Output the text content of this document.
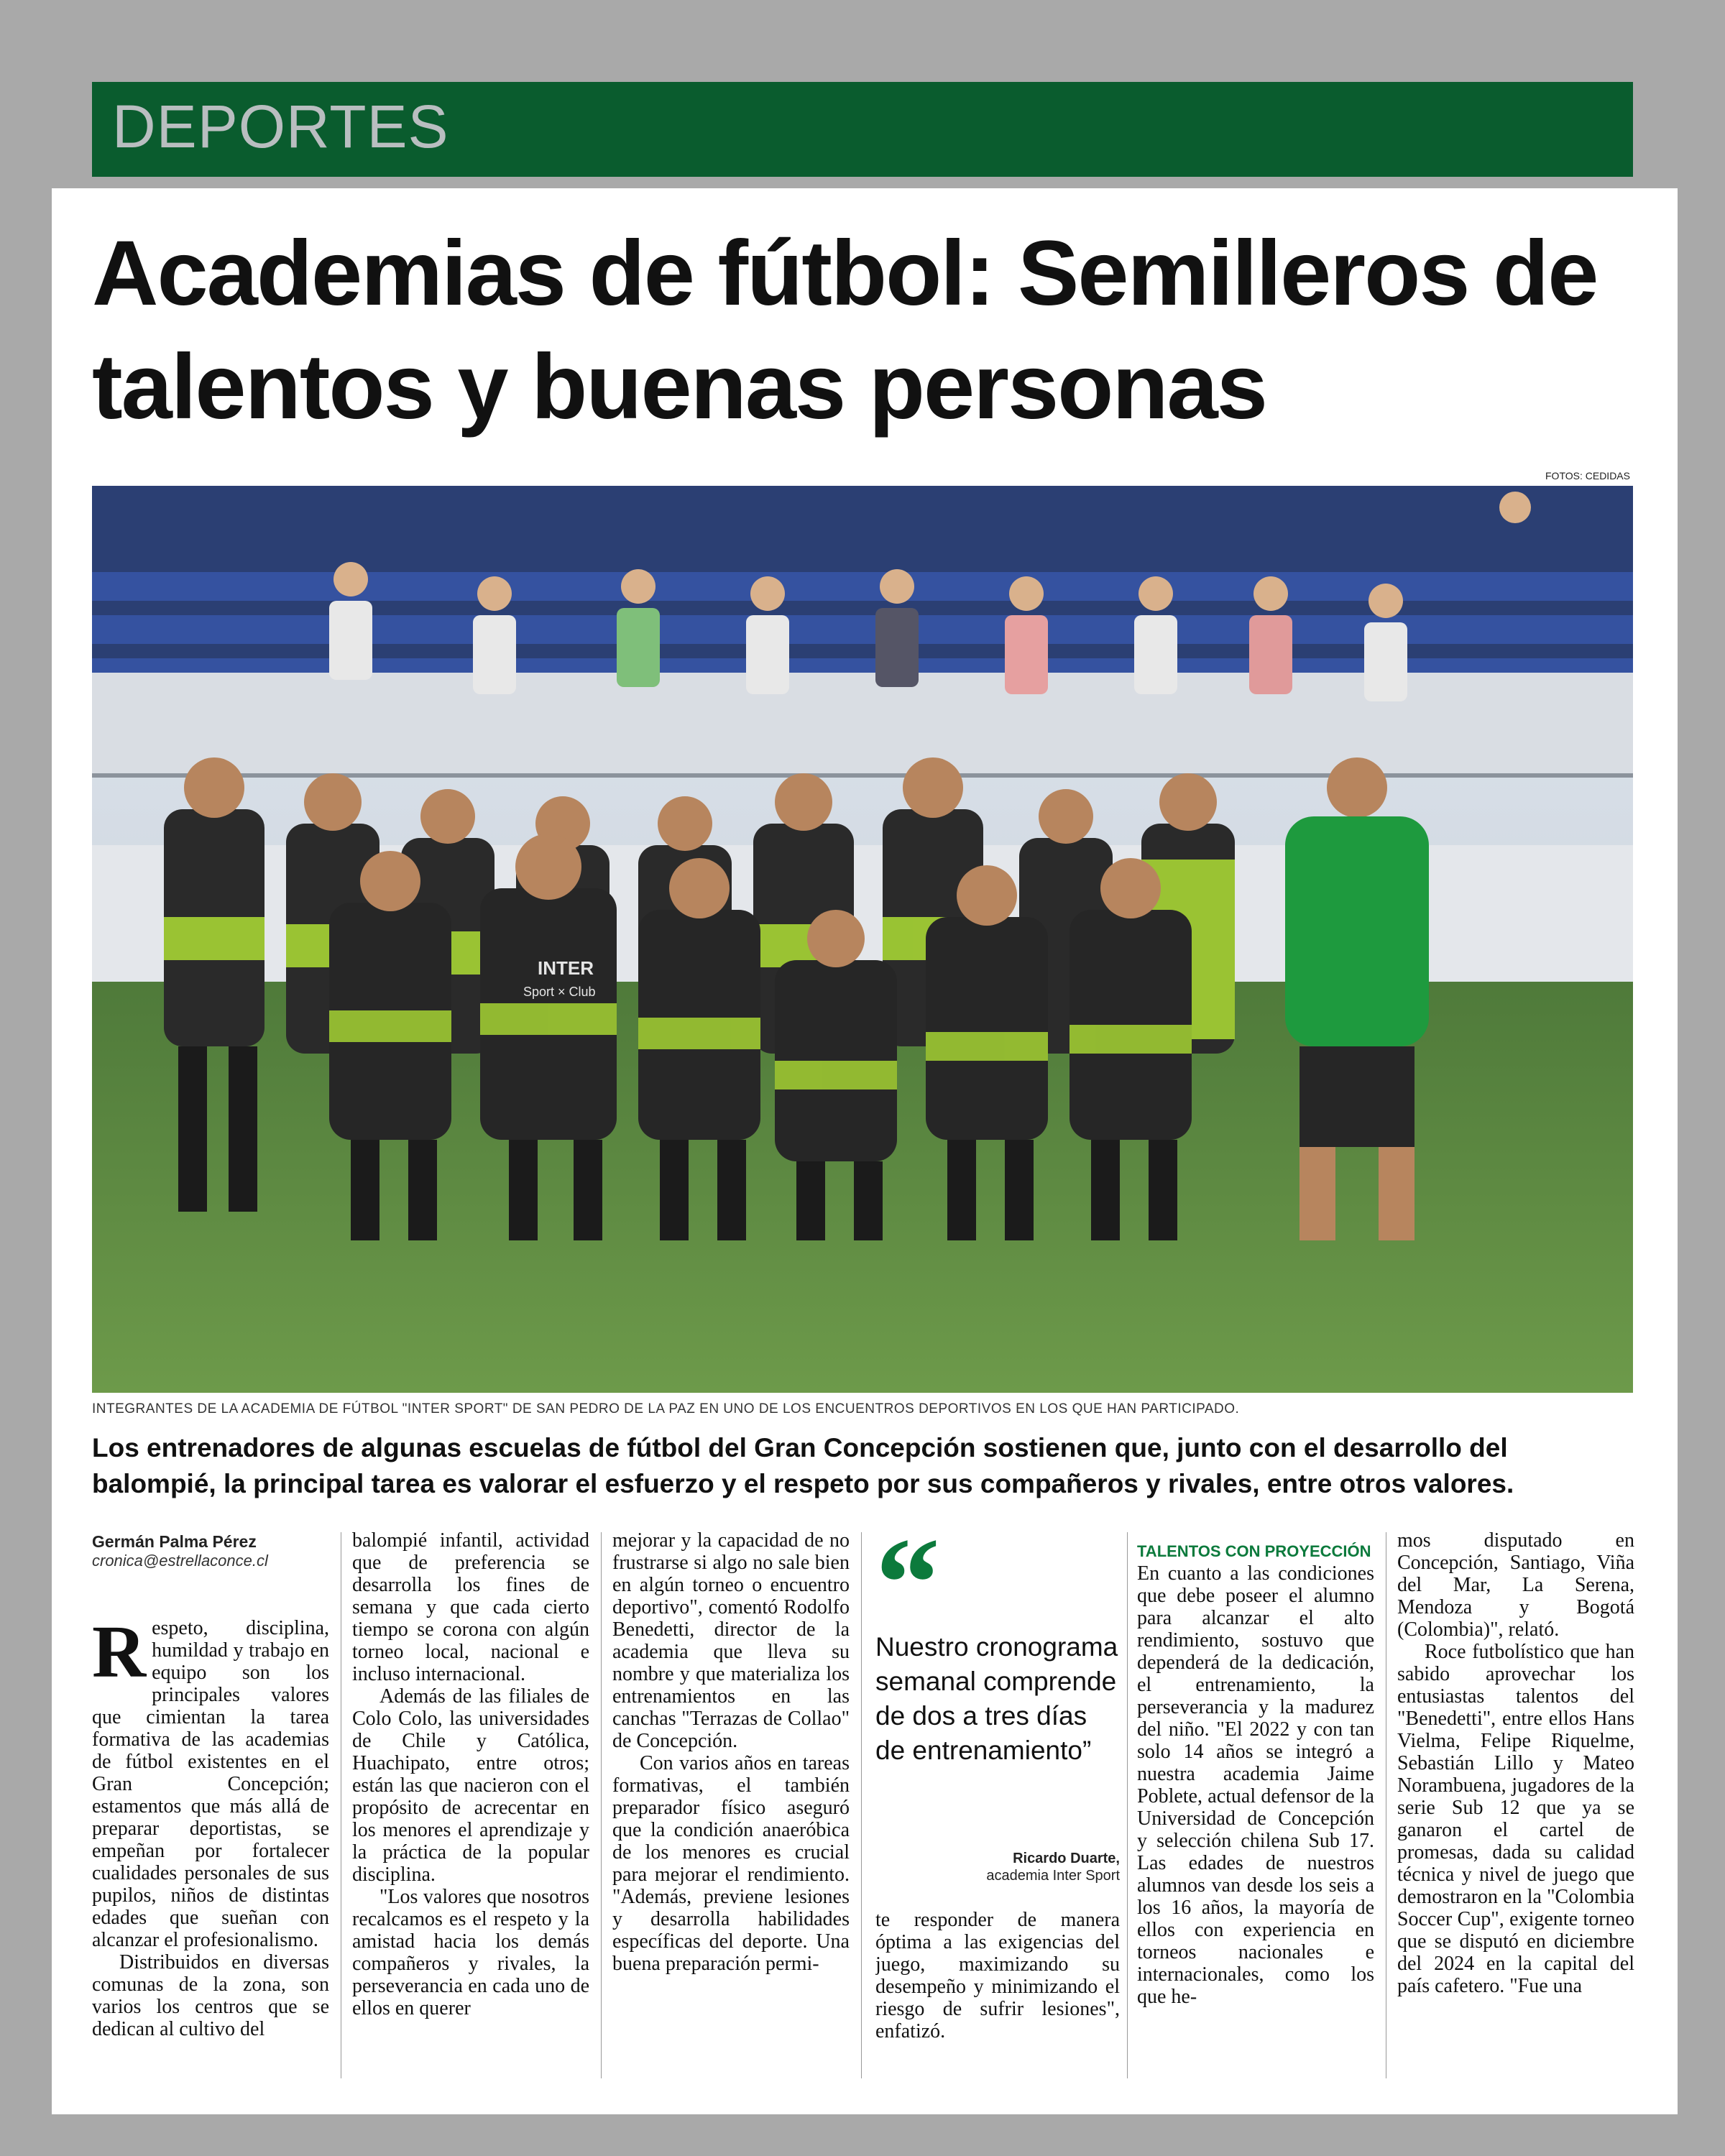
DEPORTES
Academias de fútbol: Semilleros de talentos y buenas personas
FOTOS: CEDIDAS
INTER
Sport × Club
INTEGRANTES DE LA ACADEMIA DE FÚTBOL "INTER SPORT" DE SAN PEDRO DE LA PAZ EN UNO DE LOS ENCUENTROS DEPORTIVOS EN LOS QUE HAN PARTICIPADO.
Los entrenadores de algunas escuelas de fútbol del Gran Concepción sostienen que, junto con el desarrollo del balompié, la principal tarea es valorar el esfuerzo y el respeto por sus compañeros y rivales, entre otros valores.
Germán Palma Pérez
cronica@estrellaconce.cl

Respeto, disciplina, humildad y trabajo en equipo son los principales valores que cimientan la tarea formativa de las academias de fútbol existentes en el Gran Concepción; estamentos que más allá de preparar deportistas, se empeñan por fortalecer cualidades personales de sus pupilos, niños de distintas edades que sueñan con alcanzar el profesionalismo.

Distribuidos en diversas comunas de la zona, son varios los centros que se dedican al cultivo del

balompié infantil, actividad que de preferencia se desarrolla los fines de semana y que cada cierto tiempo se corona con algún torneo local, nacional e incluso internacional.

Además de las filiales de Colo Colo, las universidades de Chile y Católica, Huachipato, entre otros; están las que nacieron con el propósito de acrecentar en los menores el aprendizaje y la práctica de la popular disciplina.

"Los valores que nosotros recalcamos es el respeto y la amistad hacia los demás compañeros y rivales, la perseverancia en cada uno de ellos en querer

mejorar y la capacidad de no frustrarse si algo no sale bien en algún torneo o encuentro deportivo", comentó Rodolfo Benedetti, director de la academia que lleva su nombre y que materializa los entrenamientos en las canchas "Terrazas de Collao" de Concepción.

Con varios años en tareas formativas, el también preparador físico aseguró que la condición anaeróbica de los menores es crucial para mejorar el rendimiento. "Además, previene lesiones y desarrolla habilidades específicas del deporte. Una buena preparación permi-

“
Nuestro cronograma semanal comprende de dos a tres días de entrenamiento”
Ricardo Duarte,
academia Inter Sport

te responder de manera óptima a las exigencias del juego, maximizando su desempeño y minimizando el riesgo de sufrir lesiones", enfatizó.

TALENTOS CON PROYECCIÓN

En cuanto a las condiciones que debe poseer el alumno para alcanzar el alto rendimiento, sostuvo que dependerá de la dedicación, el entrenamiento, la perseverancia y la madurez del niño. "El 2022 y con tan solo 14 años se integró a nuestra academia Jaime Poblete, actual defensor de la Universidad de Concepción y selección chilena Sub 17. Las edades de nuestros alumnos van desde los seis a los 16 años, la mayoría de ellos con experiencia en torneos nacionales e internacionales, como los que he-

mos disputado en Concepción, Santiago, Viña del Mar, La Serena, Mendoza y Bogotá (Colombia)", relató.

Roce futbolístico que han sabido aprovechar los entusiastas talentos del "Benedetti", entre ellos Hans Vielma, Felipe Riquelme, Sebastián Lillo y Mateo Norambuena, jugadores de la serie Sub 12 que ya se ganaron el cartel de promesas, dada su calidad técnica y nivel de juego que demostraron en la "Colombia Soccer Cup", exigente torneo que se disputó en diciembre del 2024 en la capital del país cafetero. "Fue una
